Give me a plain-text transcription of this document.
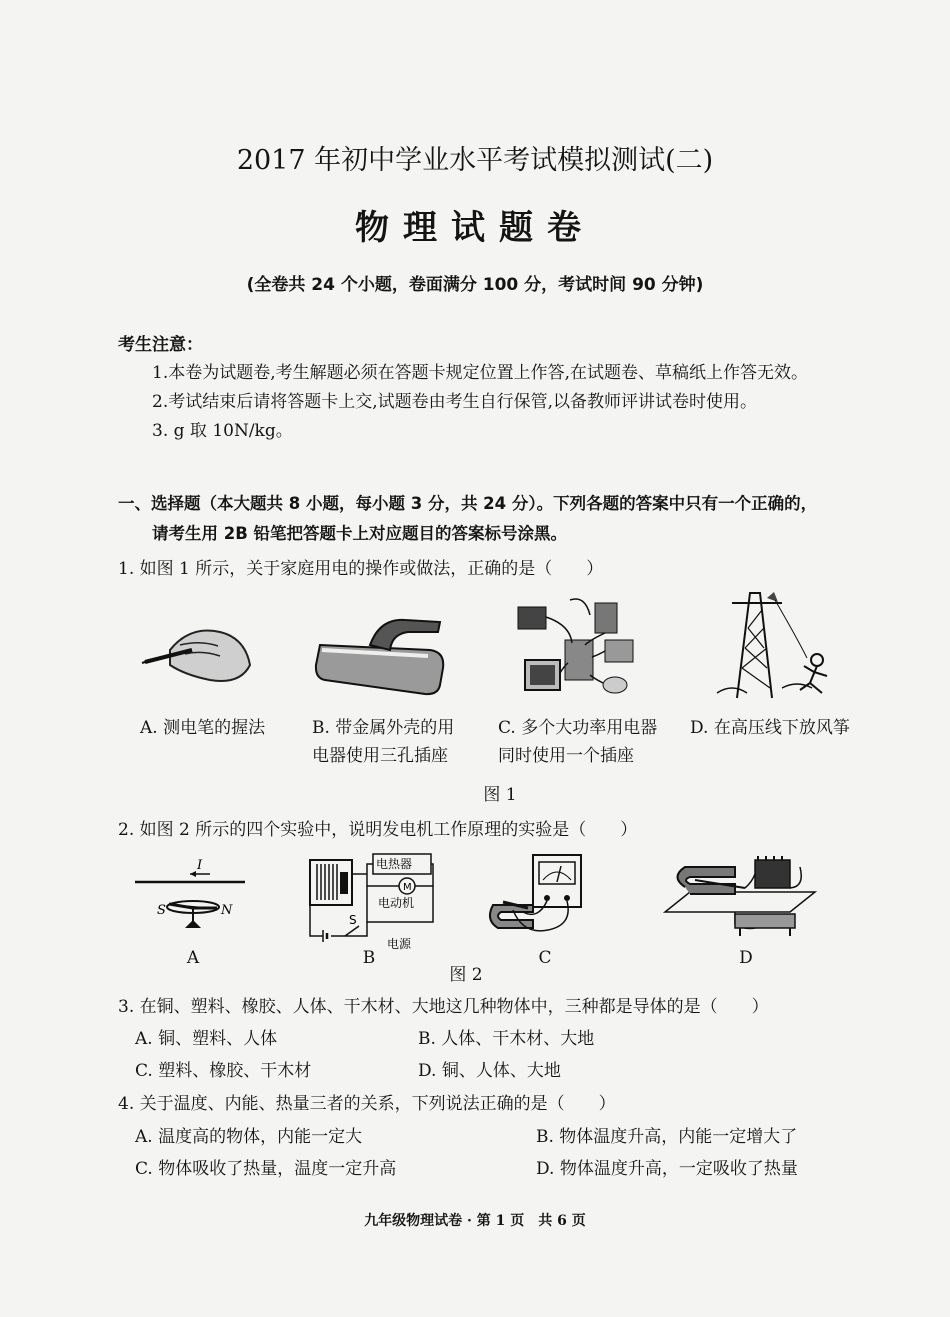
2017 年初中学业水平考试模拟测试(二)
物理试题卷
(全卷共 24 个小题，卷面满分 100 分，考试时间 90 分钟)
考生注意：
1.本卷为试题卷,考生解题必须在答题卡规定位置上作答,在试题卷、草稿纸上作答无效。
2.考试结束后请将答题卡上交,试题卷由考生自行保管,以备教师评讲试卷时使用。
3. g 取 10N/kg。
一、选择题（本大题共 8 小题，每小题 3 分，共 24 分）。下列各题的答案中只有一个正确的，
请考生用 2B 铅笔把答题卡上对应题目的答案标号涂黑。
1. 如图 1 所示，关于家庭用电的操作或做法，正确的是（　　）
A. 测电笔的握法	B. 带金属外壳的用
电器使用三孔插座
C. 多个大功率用电器
同时使用一个插座
D. 在高压线下放风筝
图 1
2. 如图 2 所示的四个实验中，说明发电机工作原理的实验是（　　）
I
S	N
电热器
M
电动机
S
电源
A	B
图 2
C	D
3. 在铜、塑料、橡胶、人体、干木材、大地这几种物体中，三种都是导体的是（　　）
A. 铜、塑料、人体	B. 人体、干木材、大地
C. 塑料、橡胶、干木材	D. 铜、人体、大地
4. 关于温度、内能、热量三者的关系，下列说法正确的是（　　）
A. 温度高的物体，内能一定大	B. 物体温度升高，内能一定增大了
C. 物体吸收了热量，温度一定升高	D. 物体温度升高，一定吸收了热量
九年级物理试卷 · 第 1 页　共 6 页
